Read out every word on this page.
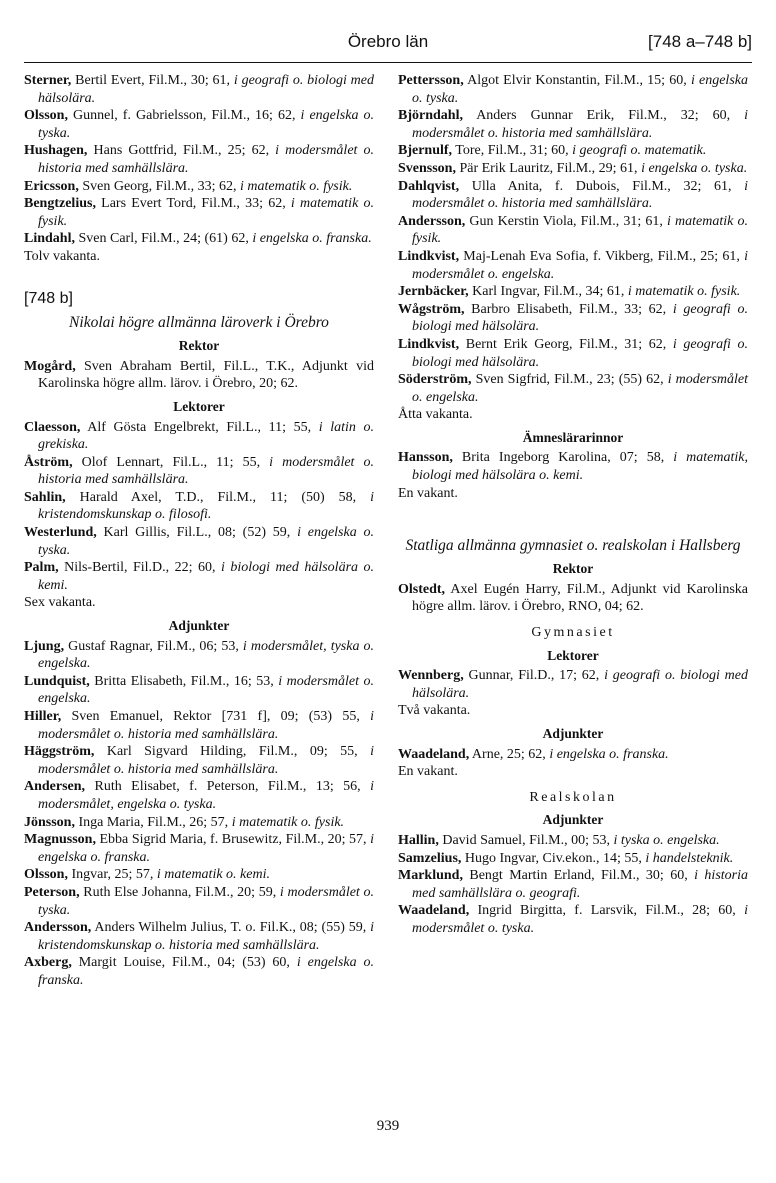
Örebro län	[748 a–748 b]
Sterner, Bertil Evert, Fil.M., 30; 61, i geografi o. biologi med hälsolära.
Olsson, Gunnel, f. Gabrielsson, Fil.M., 16; 62, i engelska o. tyska.
Hushagen, Hans Gottfrid, Fil.M., 25; 62, i modersmålet o. historia med samhällslära.
Ericsson, Sven Georg, Fil.M., 33; 62, i matematik o. fysik.
Bengtzelius, Lars Evert Tord, Fil.M., 33; 62, i matematik o. fysik.
Lindahl, Sven Carl, Fil.M., 24; (61) 62, i engelska o. franska.
Tolv vakanta.
[748 b]
Nikolai högre allmänna läroverk i Örebro
Rektor
Mogård, Sven Abraham Bertil, Fil.L., T.K., Adjunkt vid Karolinska högre allm. lärov. i Örebro, 20; 62.
Lektorer
Claesson, Alf Gösta Engelbrekt, Fil.L., 11; 55, i latin o. grekiska.
Åström, Olof Lennart, Fil.L., 11; 55, i modersmålet o. historia med samhällslära.
Sahlin, Harald Axel, T.D., Fil.M., 11; (50) 58, i kristendomskunskap o. filosofi.
Westerlund, Karl Gillis, Fil.L., 08; (52) 59, i engelska o. tyska.
Palm, Nils-Bertil, Fil.D., 22; 60, i biologi med hälsolära o. kemi.
Sex vakanta.
Adjunkter
Ljung, Gustaf Ragnar, Fil.M., 06; 53, i modersmålet, tyska o. engelska.
Lundquist, Britta Elisabeth, Fil.M., 16; 53, i modersmålet o. engelska.
Hiller, Sven Emanuel, Rektor [731 f], 09; (53) 55, i modersmålet o. historia med samhällslära.
Häggström, Karl Sigvard Hilding, Fil.M., 09; 55, i modersmålet o. historia med samhällslära.
Andersen, Ruth Elisabet, f. Peterson, Fil.M., 13; 56, i modersmålet, engelska o. tyska.
Jönsson, Inga Maria, Fil.M., 26; 57, i matematik o. fysik.
Magnusson, Ebba Sigrid Maria, f. Brusewitz, Fil.M., 20; 57, i engelska o. franska.
Olsson, Ingvar, 25; 57, i matematik o. kemi.
Peterson, Ruth Else Johanna, Fil.M., 20; 59, i modersmålet o. tyska.
Andersson, Anders Wilhelm Julius, T. o. Fil.K., 08; (55) 59, i kristendomskunskap o. historia med samhällslära.
Axberg, Margit Louise, Fil.M., 04; (53) 60, i engelska o. franska.
Pettersson, Algot Elvir Konstantin, Fil.M., 15; 60, i engelska o. tyska.
Björndahl, Anders Gunnar Erik, Fil.M., 32; 60, i modersmålet o. historia med samhällslära.
Bjernulf, Tore, Fil.M., 31; 60, i geografi o. matematik.
Svensson, Pär Erik Lauritz, Fil.M., 29; 61, i engelska o. tyska.
Dahlqvist, Ulla Anita, f. Dubois, Fil.M., 32; 61, i modersmålet o. historia med samhällslära.
Andersson, Gun Kerstin Viola, Fil.M., 31; 61, i matematik o. fysik.
Lindkvist, Maj-Lenah Eva Sofia, f. Vikberg, Fil.M., 25; 61, i modersmålet o. engelska.
Jernbäcker, Karl Ingvar, Fil.M., 34; 61, i matematik o. fysik.
Wågström, Barbro Elisabeth, Fil.M., 33; 62, i geografi o. biologi med hälsolära.
Lindkvist, Bernt Erik Georg, Fil.M., 31; 62, i geografi o. biologi med hälsolära.
Söderström, Sven Sigfrid, Fil.M., 23; (55) 62, i modersmålet o. engelska.
Åtta vakanta.
Ämneslärarinnor
Hansson, Brita Ingeborg Karolina, 07; 58, i matematik, biologi med hälsolära o. kemi.
En vakant.
Statliga allmänna gymnasiet o. realskolan i Hallsberg
Rektor
Olstedt, Axel Eugén Harry, Fil.M., Adjunkt vid Karolinska högre allm. lärov. i Örebro, RNO, 04; 62.
Gymnasiet
Lektorer
Wennberg, Gunnar, Fil.D., 17; 62, i geografi o. biologi med hälsolära.
Två vakanta.
Adjunkter
Waadeland, Arne, 25; 62, i engelska o. franska.
En vakant.
Realskolan
Adjunkter
Hallin, David Samuel, Fil.M., 00; 53, i tyska o. engelska.
Samzelius, Hugo Ingvar, Civ.ekon., 14; 55, i handelsteknik.
Marklund, Bengt Martin Erland, Fil.M., 30; 60, i historia med samhällslära o. geografi.
Waadeland, Ingrid Birgitta, f. Larsvik, Fil.M., 28; 60, i modersmålet o. tyska.
939
